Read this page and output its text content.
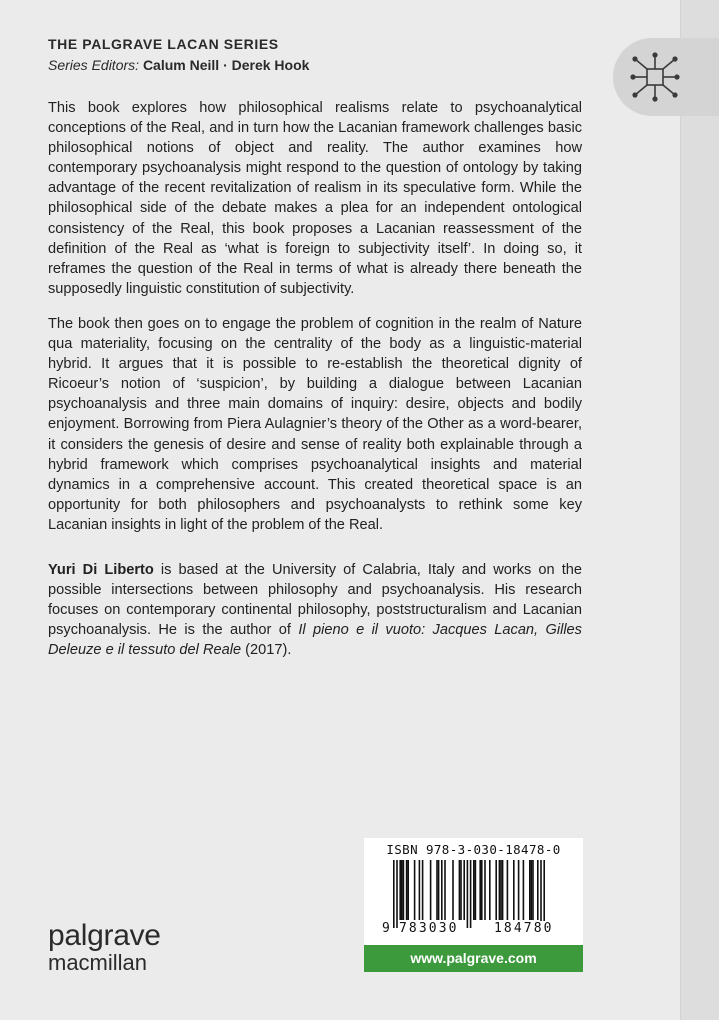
THE PALGRAVE LACAN SERIES
Series Editors: Calum Neill · Derek Hook
This book explores how philosophical realisms relate to psychoanalytical conceptions of the Real, and in turn how the Lacanian framework challenges basic philosophical notions of object and reality. The author examines how contemporary psychoanalysis might respond to the question of ontology by taking advantage of the recent revitalization of realism in its speculative form. While the philosophical side of the debate makes a plea for an independent ontological consistency of the Real, this book proposes a Lacanian reassessment of the definition of the Real as ‘what is foreign to subjectivity itself’. In doing so, it reframes the question of the Real in terms of what is already there beneath the supposedly linguistic constitution of subjectivity.
The book then goes on to engage the problem of cognition in the realm of Nature qua materiality, focusing on the centrality of the body as a linguistic-material hybrid. It argues that it is possible to re-establish the theoretical dignity of Ricoeur’s notion of ‘suspicion’, by building a dialogue between Lacanian psychoanalysis and three main domains of inquiry: desire, objects and bodily enjoyment. Borrowing from Piera Aulagnier’s theory of the Other as a word-bearer, it considers the genesis of desire and sense of reality both explainable through a hybrid framework which comprises psychoanalytical insights and material dynamics in a comprehensive account. This created theoretical space is an opportunity for both philosophers and psychoanalysts to rethink some key Lacanian insights in light of the problem of the Real.
Yuri Di Liberto is based at the University of Calabria, Italy and works on the possible intersections between philosophy and psychoanalysis. His research focuses on contemporary continental philosophy, poststructuralism and Lacanian psychoanalysis. He is the author of Il pieno e il vuoto: Jacques Lacan, Gilles Deleuze e il tessuto del Reale (2017).
palgrave
macmillan
ISBN 978-3-030-18478-0
9 783030	184780
www.palgrave.com
